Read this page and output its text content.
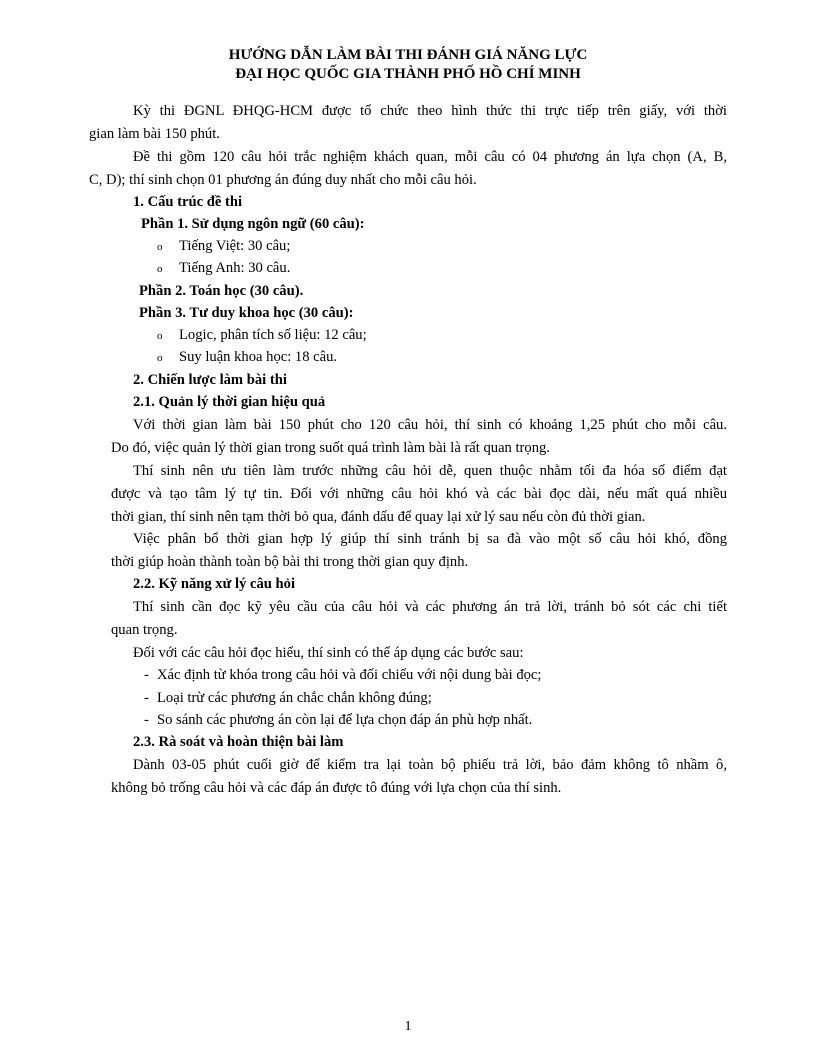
HƯỚNG DẪN LÀM BÀI THI ĐÁNH GIÁ NĂNG LỰC
ĐẠI HỌC QUỐC GIA THÀNH PHỐ HỒ CHÍ MINH
Kỳ thi ĐGNL ĐHQG-HCM được tổ chức theo hình thức thi trực tiếp trên giấy, với thời
gian làm bài 150 phút.
Đề thi gồm 120 câu hỏi trắc nghiệm khách quan, mỗi câu có 04 phương án lựa chọn (A, B,
C, D); thí sinh chọn 01 phương án đúng duy nhất cho mỗi câu hỏi.
1. Cấu trúc đề thi
Phần 1. Sử dụng ngôn ngữ (60 câu):
o Tiếng Việt: 30 câu;
o Tiếng Anh: 30 câu.
Phần 2. Toán học (30 câu).
Phần 3. Tư duy khoa học (30 câu):
o Logic, phân tích số liệu: 12 câu;
o Suy luận khoa học: 18 câu.
2. Chiến lược làm bài thi
2.1. Quản lý thời gian hiệu quả
Với thời gian làm bài 150 phút cho 120 câu hỏi, thí sinh có khoảng 1,25 phút cho mỗi câu.
Do đó, việc quản lý thời gian trong suốt quá trình làm bài là rất quan trọng.
Thí sinh nên ưu tiên làm trước những câu hỏi dễ, quen thuộc nhằm tối đa hóa số điểm đạt
được và tạo tâm lý tự tin. Đối với những câu hỏi khó và các bài đọc dài, nếu mất quá nhiều
thời gian, thí sinh nên tạm thời bỏ qua, đánh dấu để quay lại xử lý sau nếu còn đủ thời gian.
Việc phân bổ thời gian hợp lý giúp thí sinh tránh bị sa đà vào một số câu hỏi khó, đồng
thời giúp hoàn thành toàn bộ bài thi trong thời gian quy định.
2.2. Kỹ năng xử lý câu hỏi
Thí sinh cần đọc kỹ yêu cầu của câu hỏi và các phương án trả lời, tránh bỏ sót các chi tiết
quan trọng.
Đối với các câu hỏi đọc hiểu, thí sinh có thể áp dụng các bước sau:
- Xác định từ khóa trong câu hỏi và đối chiếu với nội dung bài đọc;
- Loại trừ các phương án chắc chắn không đúng;
- So sánh các phương án còn lại để lựa chọn đáp án phù hợp nhất.
2.3. Rà soát và hoàn thiện bài làm
Dành 03-05 phút cuối giờ để kiểm tra lại toàn bộ phiếu trả lời, bảo đảm không tô nhầm ô,
không bỏ trống câu hỏi và các đáp án được tô đúng với lựa chọn của thí sinh.
1
